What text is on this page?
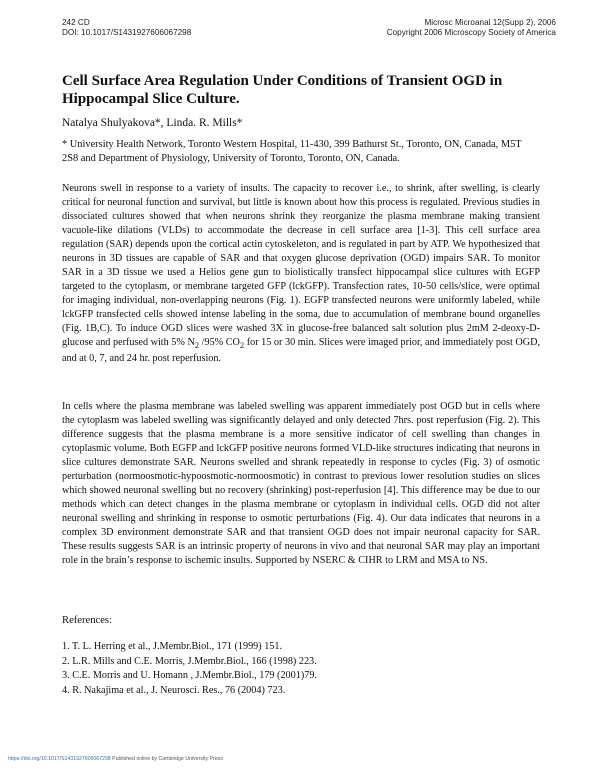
242 CD
DOI: 10.1017/S1431927606067298
Microsc Microanal 12(Supp 2), 2006
Copyright 2006 Microscopy Society of America
Cell Surface Area Regulation Under Conditions of Transient OGD in Hippocampal Slice Culture.
Natalya Shulyakova*, Linda. R. Mills*
* University Health Network, Toronto Western Hospital, 11-430, 399 Bathurst St., Toronto, ON, Canada, M5T 2S8 and Department of Physiology, University of Toronto, Toronto, ON, Canada.

Neurons swell in response to a variety of insults. The capacity to recover i.e., to shrink, after swelling, is clearly critical for neuronal function and survival, but little is known about how this process is regulated. Previous studies in dissociated cultures showed that when neurons shrink they reorganize the plasma membrane making transient vacuole-like dilations (VLDs) to accommodate the decrease in cell surface area [1-3]. This cell surface area regulation (SAR) depends upon the cortical actin cytoskeleton, and is regulated in part by ATP. We hypothesized that neurons in 3D tissues are capable of SAR and that oxygen glucose deprivation (OGD) impairs SAR. To monitor SAR in a 3D tissue we used a Helios gene gun to biolistically transfect hippocampal slice cultures with EGFP targeted to the cytoplasm, or membrane targeted GFP (lckGFP). Transfection rates, 10-50 cells/slice, were optimal for imaging individual, non-overlapping neurons (Fig. 1). EGFP transfected neurons were uniformly labeled, while lckGFP transfected cells showed intense labeling in the soma, due to accumulation of membrane bound organelles (Fig. 1B,C). To induce OGD slices were washed 3X in glucose-free balanced salt solution plus 2mM 2-deoxy-D-glucose and perfused with 5% $N_2$ /95% $CO_2$ for 15 or 30 min. Slices were imaged prior, and immediately post OGD, and at 0, 7, and 24 hr. post reperfusion.

In cells where the plasma membrane was labeled swelling was apparent immediately post OGD but in cells where the cytoplasm was labeled swelling was significantly delayed and only detected 7hrs. post reperfusion (Fig. 2). This difference suggests that the plasma membrane is a more sensitive indicator of cell swelling than changes in cytoplasmic volume. Both EGFP and lckGFP positive neurons formed VLD-like structures indicating that neurons in slice cultures demonstrate SAR. Neurons swelled and shrank repeatedly in response to cycles (Fig. 3) of osmotic perturbation (normoosmotic-hypoosmotic-normoosmotic) in contrast to previous lower resolution studies on slices which showed neuronal swelling but no recovery (shrinking) post-reperfusion [4]. This difference may be due to our methods which can detect changes in the plasma membrane or cytoplasm in individual cells. OGD did not alter neuronal swelling and shrinking in response to osmotic perturbations (Fig. 4). Our data indicates that neurons in a complex 3D environment demonstrate SAR and that transient OGD does not impair neuronal capacity for SAR. These results suggests SAR is an intrinsic property of neurons in vivo and that neuronal SAR may play an important role in the brain’s response to ischemic insults. Supported by NSERC & CIHR to LRM and MSA to NS.

References:
1. T. L. Herring et al., J.Membr.Biol., 171 (1999) 151.
2. L.R. Mills and C.E. Morris, J.Membr.Biol., 166 (1998) 223.
3. C.E. Morris and U. Homann , J.Membr.Biol., 179 (2001)79.
4. R. Nakajima et al., J. Neurosci. Res., 76 (2004) 723.
https://doi.org/10.1017/S1431927606067298 Published online by Cambridge University Press
